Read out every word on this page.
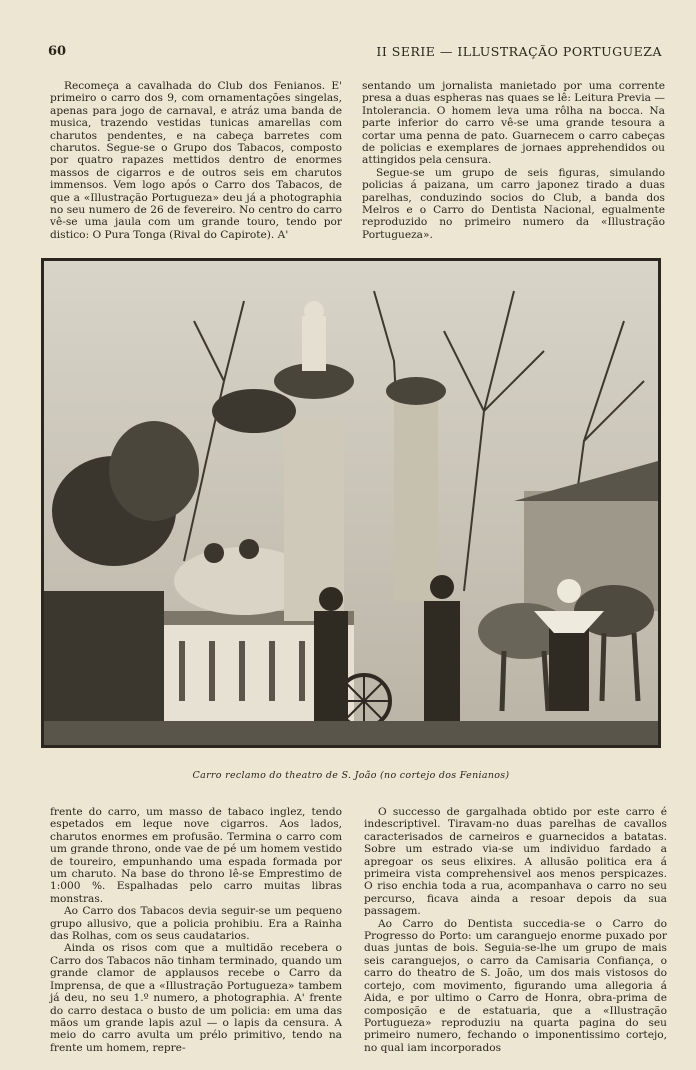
60	II SERIE — ILLUSTRAÇÃO PORTUGUEZA

Recomeça a cavalhada do Club dos Fenianos. E' primeiro o carro dos 9, com ornamentações singelas, apenas para jogo de carnaval, e atráz uma banda de musica, trazendo vestidas tunicas amarellas com charutos pendentes, e na cabeça barretes com charutos. Segue-se o Grupo dos Tabacos, composto por quatro rapazes mettidos dentro de enormes massos de cigarros e de outros seis em charutos immensos. Vem logo após o Carro dos Tabacos, de que a «Illustração Portugueza» deu já a photographia no seu numero de 26 de fevereiro. No centro do carro vê-se uma jaula com um grande touro, tendo por distico: O Pura Tonga (Rival do Capirote). A'

sentando um jornalista manietado por uma corrente presa a duas espheras nas quaes se lê: Leitura Previa — Intolerancia. O homem leva uma rôlha na bocca. Na parte inferior do carro vê-se uma grande tesoura a cortar uma penna de pato. Guarnecem o carro cabeças de policias e exemplares de jornaes apprehendidos ou attingidos pela censura.

Segue-se um grupo de seis figuras, simulando policias á paizana, um carro japonez tirado a duas parelhas, conduzindo socios do Club, a banda dos Melros e o Carro do Dentista Nacional, egualmente reproduzido no primeiro numero da «Illustração Portugueza».

Carro reclamo do theatro de S. João (no cortejo dos Fenianos)

frente do carro, um masso de tabaco inglez, tendo espetados em leque nove cigarros. Aos lados, charutos enormes em profusão. Termina o carro com um grande throno, onde vae de pé um homem vestido de toureiro, empunhando uma espada formada por um charuto. Na base do throno lê-se Emprestimo de 1:000 %. Espalhadas pelo carro muitas libras monstras.

Ao Carro dos Tabacos devia seguir-se um pequeno grupo allusivo, que a policia prohibiu. Era a Rainha das Rolhas, com os seus caudatarios.

Ainda os risos com que a multidão recebera o Carro dos Tabacos não tinham terminado, quando um grande clamor de applausos recebe o Carro da Imprensa, de que a «Illustração Portugueza» tambem já deu, no seu 1.º numero, a photographia. A' frente do carro destaca o busto de um policia: em uma das mãos um grande lapis azul — o lapis da censura. A meio do carro avulta um prélo primitivo, tendo na frente um homem, repre-

O successo de gargalhada obtido por este carro é indescriptivel. Tiravam-no duas parelhas de cavallos caracterisados de carneiros e guarnecidos a batatas. Sobre um estrado via-se um individuo fardado a apregoar os seus elixires. A allusão politica era á primeira vista comprehensivel aos menos perspicazes. O riso enchia toda a rua, acompanhava o carro no seu percurso, ficava ainda a resoar depois da sua passagem.

Ao Carro do Dentista succedia-se o Carro do Progresso do Porto: um caranguejo enorme puxado por duas juntas de bois. Seguia-se-lhe um grupo de mais seis caranguejos, o carro da Camisaria Confiança, o carro do theatro de S. João, um dos mais vistosos do cortejo, com movimento, figurando uma allegoria á Aida, e por ultimo o Carro de Honra, obra-prima de composição e de estatuaria, que a «Illustração Portugueza» reproduziu na quarta pagina do seu primeiro numero, fechando o imponentissimo cortejo, no qual iam incorporados
